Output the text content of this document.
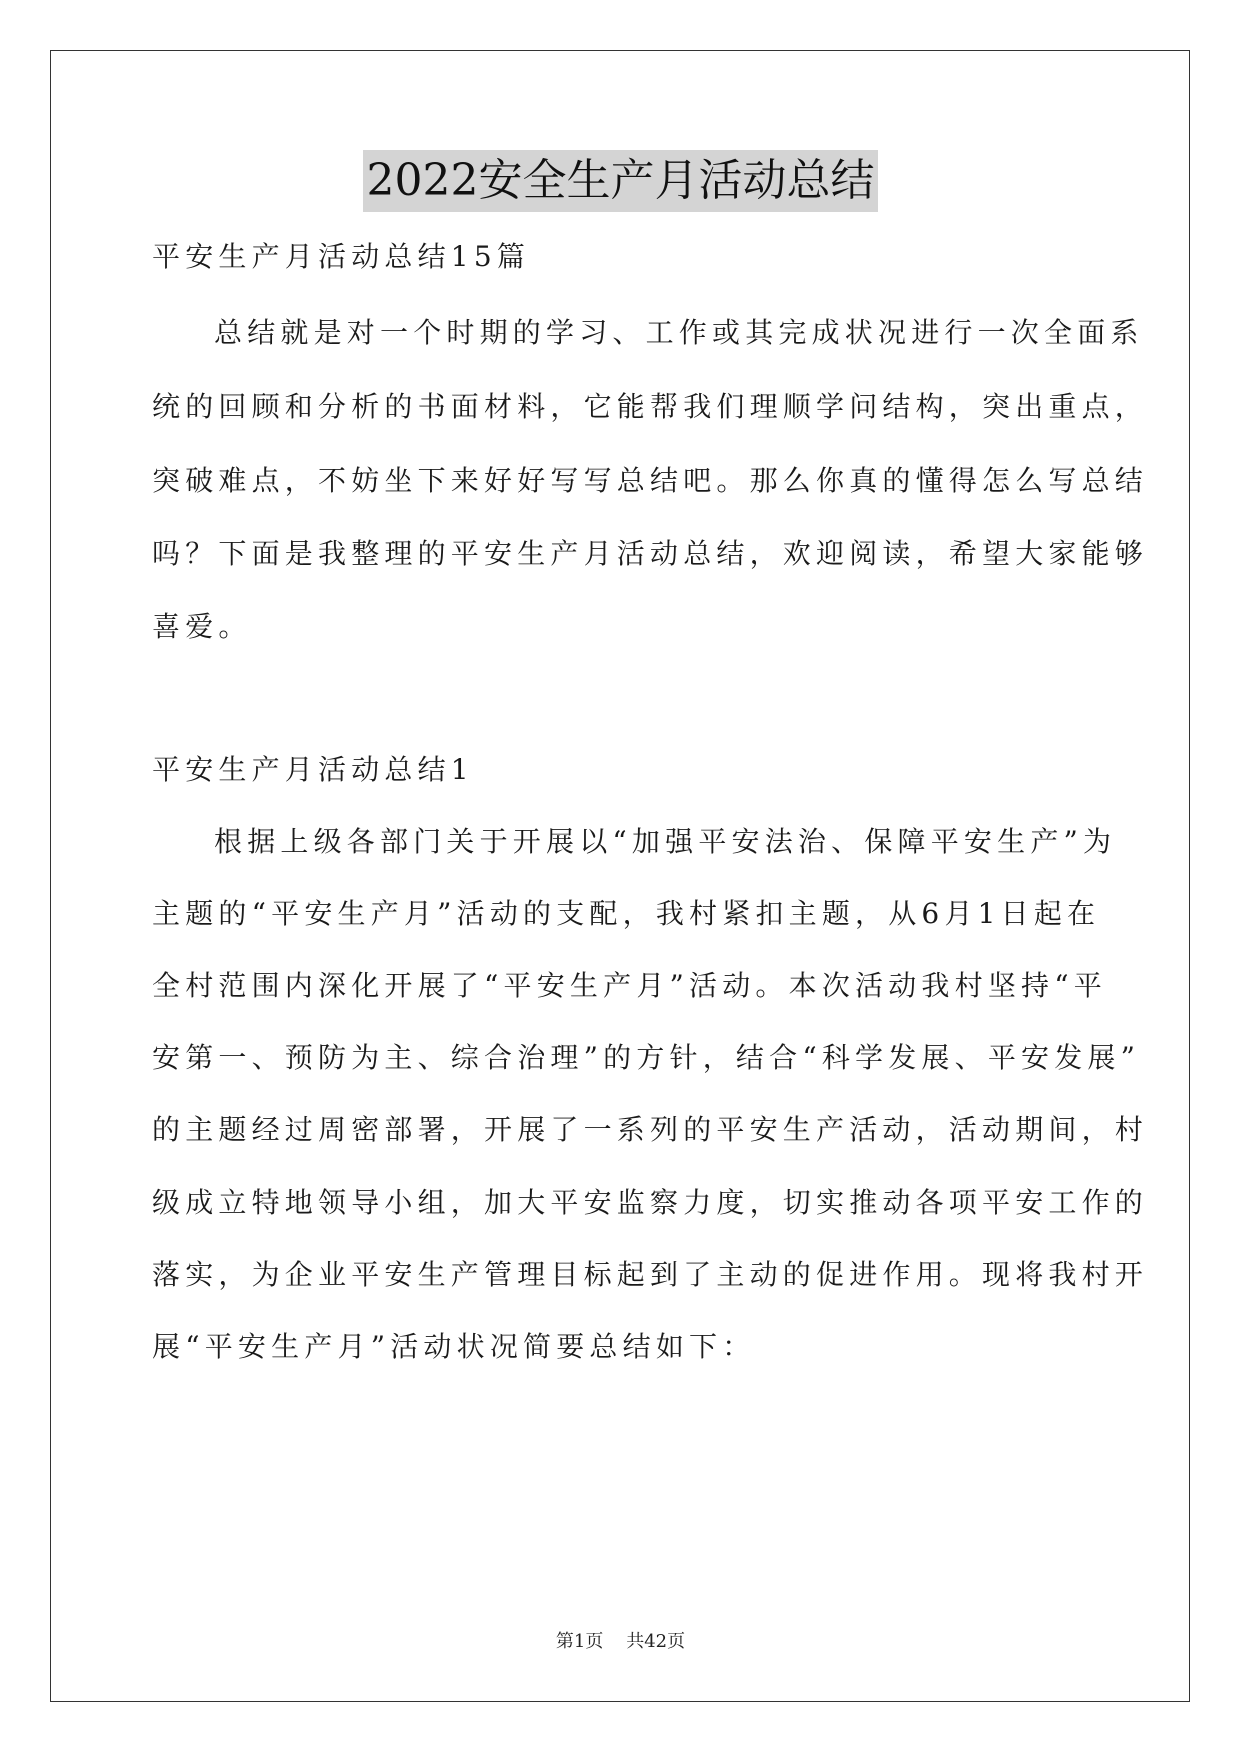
2022安全生产月活动总结
平安生产月活动总结15篇
总结就是对一个时期的学习、工作或其完成状况进行一次全面系
统的回顾和分析的书面材料，它能帮我们理顺学问结构，突出重点，
突破难点，不妨坐下来好好写写总结吧。那么你真的懂得怎么写总结
吗？下面是我整理的平安生产月活动总结，欢迎阅读，希望大家能够
喜爱。
平安生产月活动总结1
根据上级各部门关于开展以“加强平安法治、保障平安生产”为
主题的“平安生产月”活动的支配，我村紧扣主题，从6月1日起在
全村范围内深化开展了“平安生产月”活动。本次活动我村坚持“平
安第一、预防为主、综合治理”的方针，结合“科学发展、平安发展”
的主题经过周密部署，开展了一系列的平安生产活动，活动期间，村
级成立特地领导小组，加大平安监察力度，切实推动各项平安工作的
落实，为企业平安生产管理目标起到了主动的促进作用。现将我村开
展“平安生产月”活动状况简要总结如下：
第1页 共42页
